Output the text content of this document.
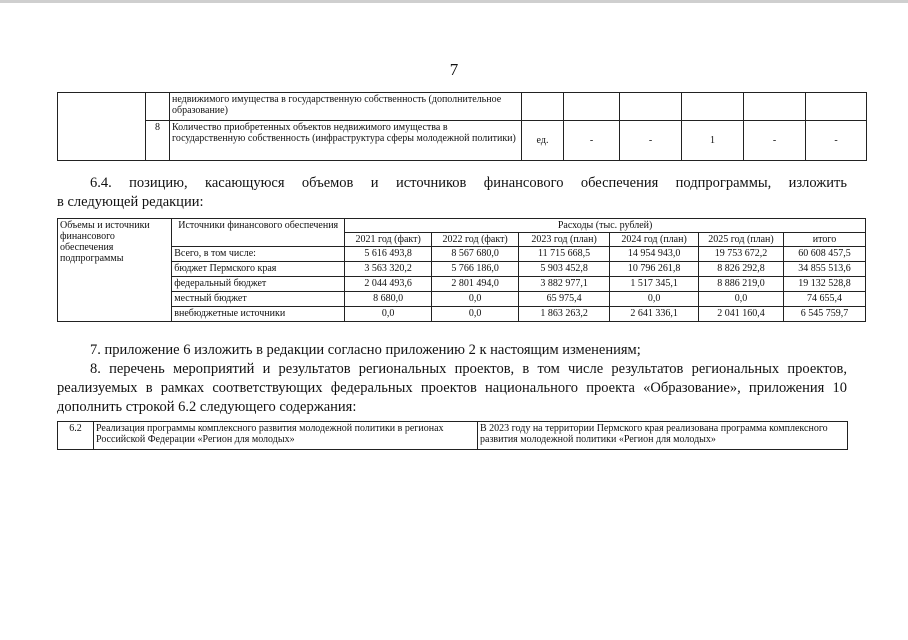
7
		недвижимого имущества в государственную собственность (дополнительное образование)						
	8	Количество приобретенных объектов недвижимого имущества в государственную собственность (инфраструктура сферы молодежной политики)	ед.	-	-	1	-	-
6.4. позицию, касающуюся объемов и источников финансового обеспечения подпрограммы, изложить
в следующей редакции:
Объемы и источники финансового обеспечения подпрограммы	Источники финансового обеспечения	Расходы (тыс. рублей)					
		2021 год (факт)	2022 год (факт)	2023 год (план)	2024 год (план)	2025 год (план)	итого
	Всего, в том числе:	5 616 493,8	8 567 680,0	11 715 668,5	14 954 943,0	19 753 672,2	60 608 457,5
	бюджет Пермского края	3 563 320,2	5 766 186,0	5 903 452,8	10 796 261,8	8 826 292,8	34 855 513,6
	федеральный бюджет	2 044 493,6	2 801 494,0	3 882 977,1	1 517 345,1	8 886 219,0	19 132 528,8
	местный бюджет	8 680,0	0,0	65 975,4	0,0	0,0	74 655,4
	внебюджетные источники	0,0	0,0	1 863 263,2	2 641 336,1	2 041 160,4	6 545 759,7
7. приложение 6 изложить в редакции согласно приложению 2 к настоящим изменениям;
8. перечень мероприятий и результатов региональных проектов, в том числе результатов региональных проектов,
реализуемых в рамках соответствующих федеральных проектов национального проекта «Образование», приложения 10
дополнить строкой 6.2 следующего содержания:
6.2	Реализация программы комплексного развития молодежной политики в регионах Российской Федерации «Регион для молодых»	В 2023 году на территории Пермского края реализована программа комплексного развития молодежной политики «Регион для молодых»
